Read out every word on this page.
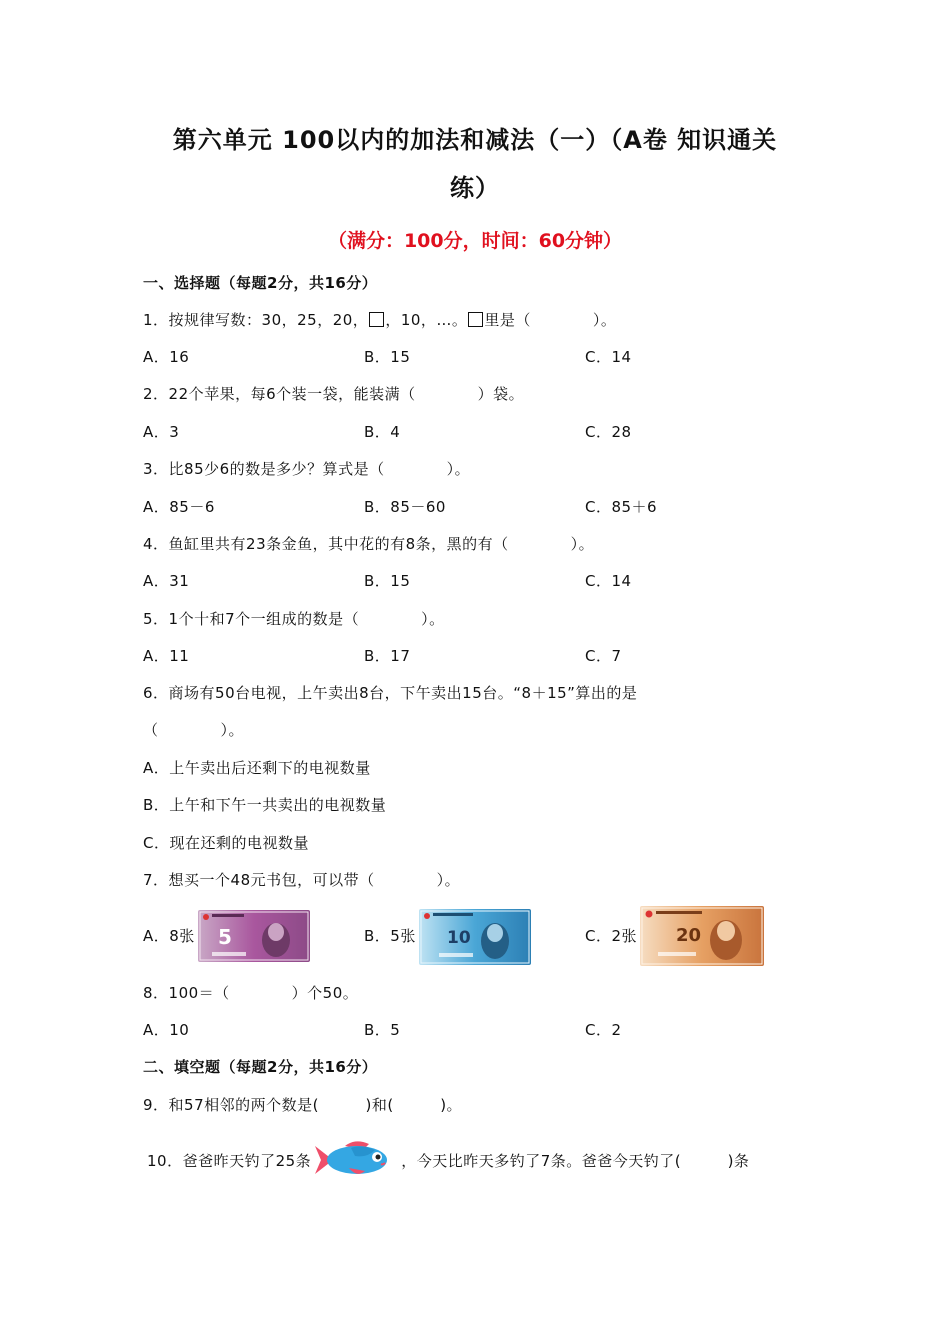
第六单元 100以内的加法和减法（一）（A卷 知识通关
练）
（满分：100分，时间：60分钟）
一、选择题（每题2分，共16分）
1．按规律写数：30，25，20， ，10，…。 里是（　　　　）。
A．16	B．15	C．14
2．22个苹果，每6个装一袋，能装满（　　　　）袋。
A．3	B．4	C．28
3．比85少6的数是多少？算式是（　　　　）。
A．85－6	B．85－60	C．85＋6
4．鱼缸里共有23条金鱼，其中花的有8条，黑的有（　　　　）。
A．31	B．15	C．14
5．1个十和7个一组成的数是（　　　　）。
A．11	B．17	C．7
6．商场有50台电视，上午卖出8台，下午卖出15台。“8＋15”算出的是
（　　　　）。
A．上午卖出后还剩下的电视数量
B．上午和下午一共卖出的电视数量
C．现在还剩的电视数量
7．想买一个48元书包，可以带（　　　　）。
A．8张 5	B．5张 10	C．2张 20
8．100＝（　　　　）个50。
A．10	B．5	C．2
二、填空题（每题2分，共16分）
9．和57相邻的两个数是(　　　)和(　　　)。
10．爸爸昨天钓了25条	，今天比昨天多钓了7条。爸爸今天钓了(　　　)条
